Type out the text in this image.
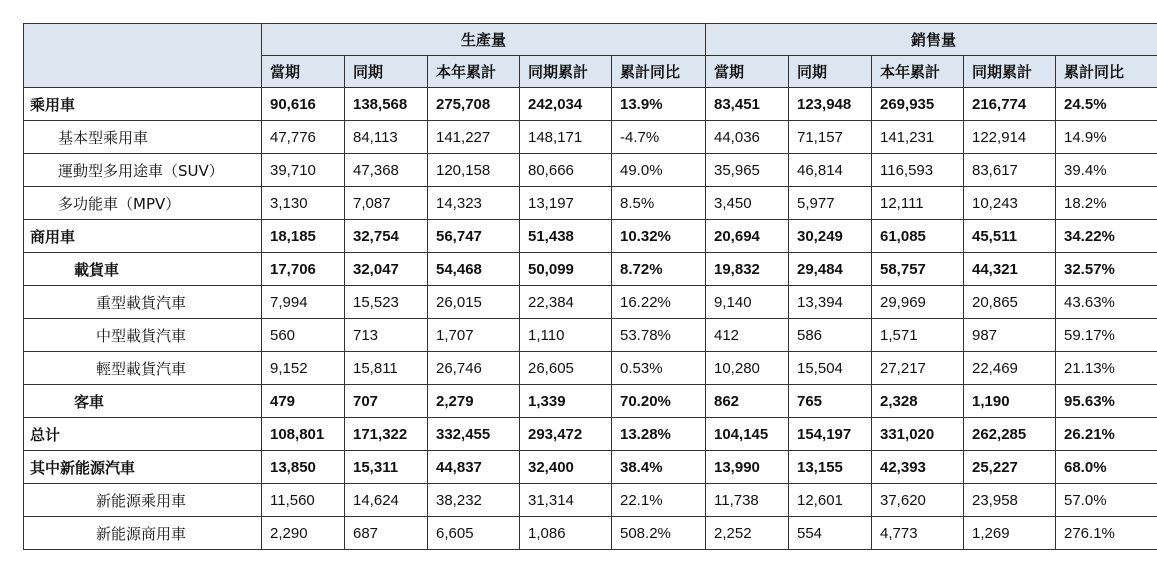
	生產量					銷售量				
	當期	同期	本年累計	同期累計	累計同比	當期	同期	本年累計	同期累計	累計同比
乘用車	90,616	138,568	275,708	242,034	13.9%	83,451	123,948	269,935	216,774	24.5%
基本型乘用車	47,776	84,113	141,227	148,171	-4.7%	44,036	71,157	141,231	122,914	14.9%
運動型多用途車（SUV）	39,710	47,368	120,158	80,666	49.0%	35,965	46,814	116,593	83,617	39.4%
多功能車（MPV）	3,130	7,087	14,323	13,197	8.5%	3,450	5,977	12,111	10,243	18.2%
商用車	18,185	32,754	56,747	51,438	10.32%	20,694	30,249	61,085	45,511	34.22%
載貨車	17,706	32,047	54,468	50,099	8.72%	19,832	29,484	58,757	44,321	32.57%
重型載貨汽車	7,994	15,523	26,015	22,384	16.22%	9,140	13,394	29,969	20,865	43.63%
中型載貨汽車	560	713	1,707	1,110	53.78%	412	586	1,571	987	59.17%
輕型載貨汽車	9,152	15,811	26,746	26,605	0.53%	10,280	15,504	27,217	22,469	21.13%
客車	479	707	2,279	1,339	70.20%	862	765	2,328	1,190	95.63%
总计	108,801	171,322	332,455	293,472	13.28%	104,145	154,197	331,020	262,285	26.21%
其中新能源汽車	13,850	15,311	44,837	32,400	38.4%	13,990	13,155	42,393	25,227	68.0%
新能源乘用車	11,560	14,624	38,232	31,314	22.1%	11,738	12,601	37,620	23,958	57.0%
新能源商用車	2,290	687	6,605	1,086	508.2%	2,252	554	4,773	1,269	276.1%
